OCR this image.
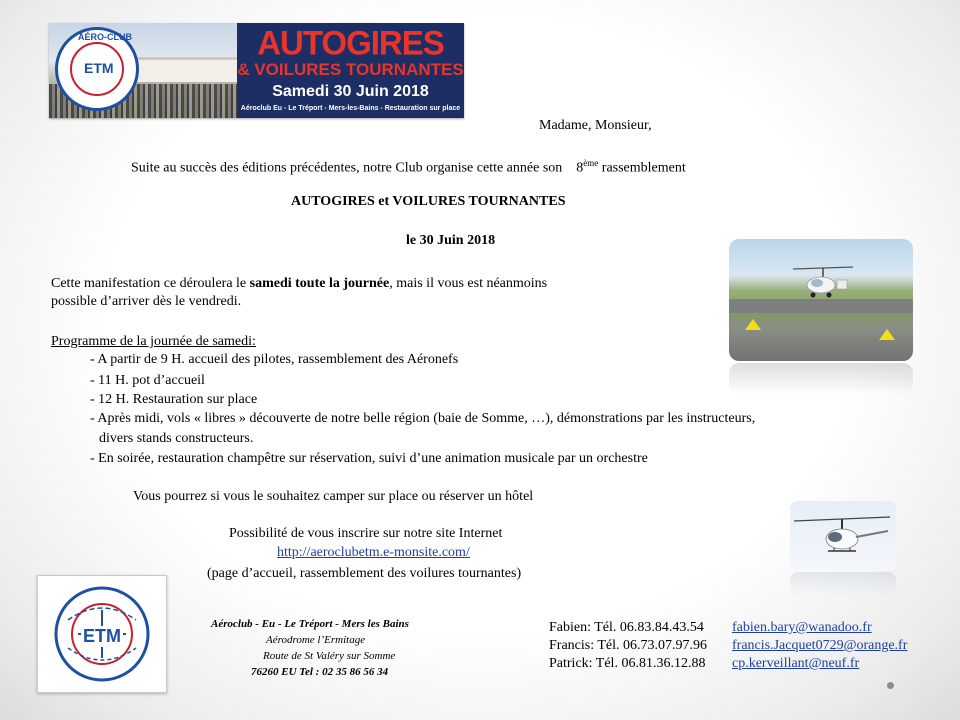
AÉRO-CLUB
ETM
AUTOGIRES
& VOILURES TOURNANTES
Samedi 30 Juin 2018
Aéroclub Eu - Le Tréport - Mers-les-Bains - Restauration sur place
Madame, Monsieur,
Suite au succès des éditions précédentes, notre Club organise cette année son 8ème rassemblement
AUTOGIRES et VOILURES TOURNANTES
le 30 Juin 2018
Cette manifestation ce déroulera le samedi toute la journée, mais il vous est néanmoins
possible d’arriver dès le vendredi.
Programme de la journée de samedi:
- A partir de 9 H. accueil des pilotes, rassemblement des Aéronefs
- 11 H. pot d’accueil
- 12 H. Restauration sur place
- Après midi, vols « libres » découverte de notre belle région (baie de Somme, …), démonstrations par les instructeurs,
divers stands constructeurs.
- En soirée, restauration champêtre sur réservation, suivi d’une animation musicale par un orchestre
Vous pourrez si vous le souhaitez camper sur place ou réserver un hôtel
Possibilité de vous inscrire sur notre site Internet
http://aeroclubetm.e-monsite.com/
(page d’accueil, rassemblement des voilures tournantes)
ETM
Aéroclub - Eu - Le Tréport - Mers les Bains
Aérodrome l’Ermitage
Route de St Valéry sur Somme
76260 EU Tel : 02 35 86 56 34
Fabien: Tél. 06.83.84.43.54 fabien.bary@wanadoo.fr
Francis: Tél. 06.73.07.97.96 francis.Jacquet0729@orange.fr
Patrick: Tél. 06.81.36.12.88 cp.kerveillant@neuf.fr
